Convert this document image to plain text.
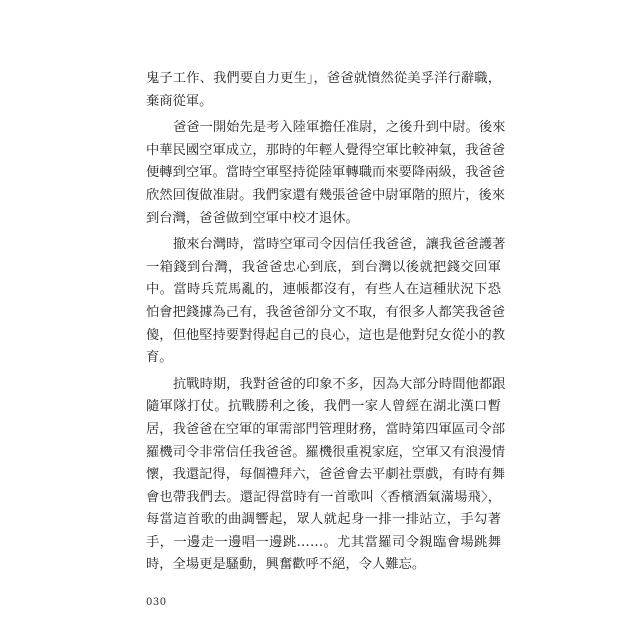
鬼子工作、我們要自力更生」，爸爸就憤然從美孚洋行辭職，
棄商從軍。
爸爸一開始先是考入陸軍擔任准尉，之後升到中尉。後來
中華民國空軍成立，那時的年輕人覺得空軍比較神氣，我爸爸
便轉到空軍。當時空軍堅持從陸軍轉職而來要降兩級，我爸爸
欣然回復做准尉。我們家還有幾張爸爸中尉軍階的照片，後來
到台灣，爸爸做到空軍中校才退休。
撤來台灣時，當時空軍司令因信任我爸爸，讓我爸爸護著
一箱錢到台灣，我爸爸忠心到底，到台灣以後就把錢交回軍
中。當時兵荒馬亂的，連帳都沒有，有些人在這種狀況下恐
怕會把錢據為己有，我爸爸卻分文不取，有很多人都笑我爸爸
傻，但他堅持要對得起自己的良心，這也是他對兒女從小的教
育。
抗戰時期，我對爸爸的印象不多，因為大部分時間他都跟
隨軍隊打仗。抗戰勝利之後，我們一家人曾經在湖北漢口暫
居，我爸爸在空軍的軍需部門管理財務，當時第四軍區司令部
羅機司令非常信任我爸爸。羅機很重視家庭，空軍又有浪漫情
懷，我還記得，每個禮拜六，爸爸會去平劇社票戲，有時有舞
會也帶我們去。還記得當時有一首歌叫〈香檳酒氣滿場飛〉，
每當這首歌的曲調響起，眾人就起身一排一排站立，手勾著
手，一邊走一邊唱一邊跳……。尤其當羅司令親臨會場跳舞
時，全場更是騷動，興奮歡呼不絕，令人難忘。
030
